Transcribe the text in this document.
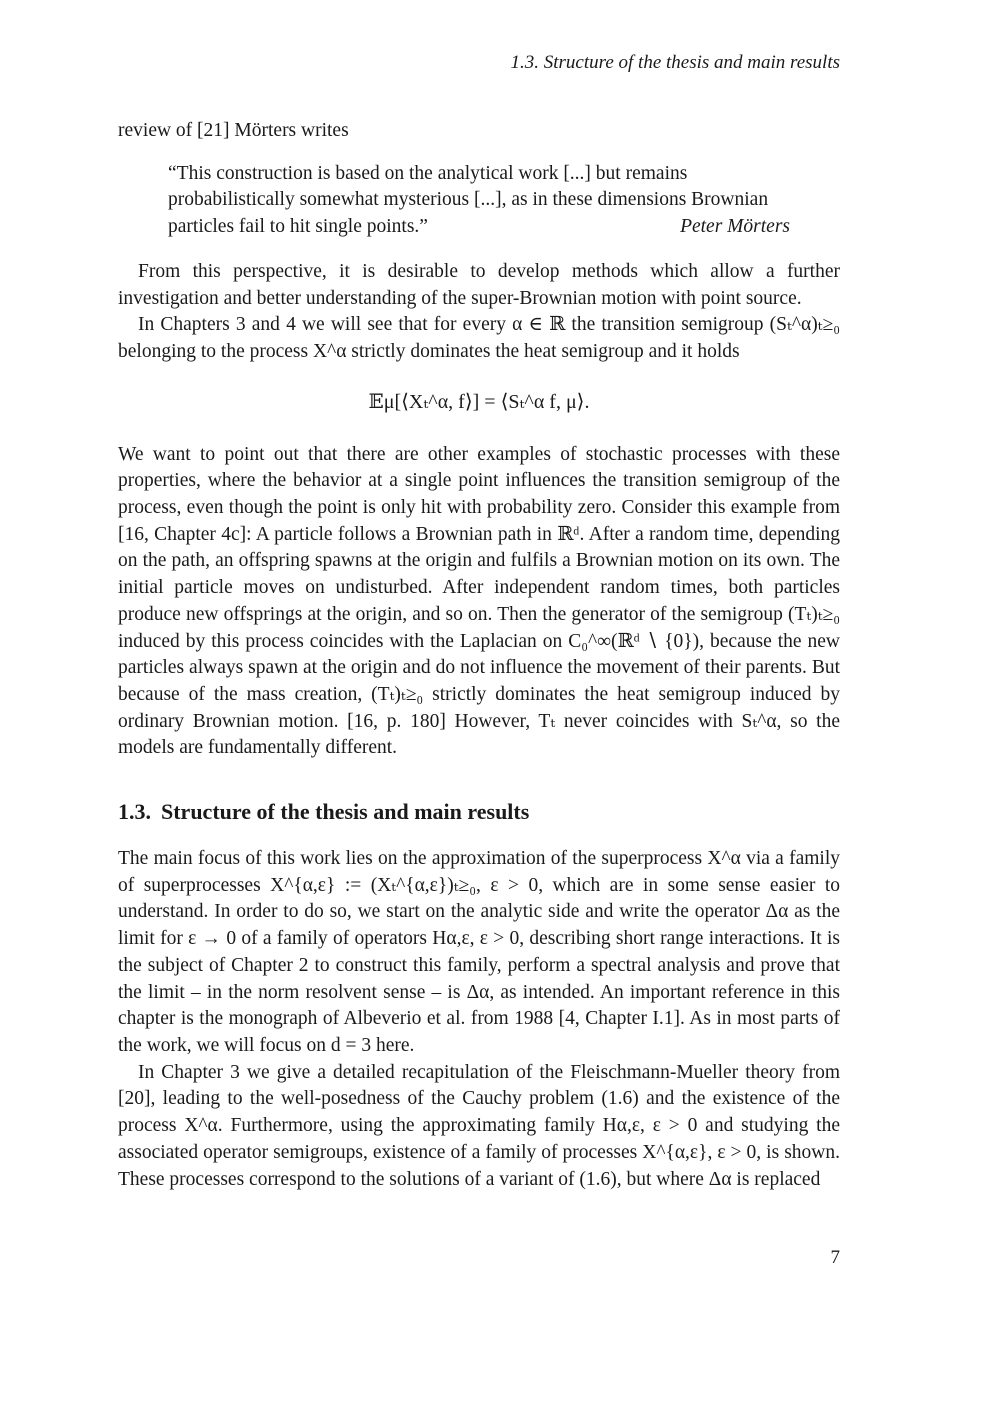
1.3. Structure of the thesis and main results

review of [21] Mörters writes

“This construction is based on the analytical work [...] but remains probabilistically somewhat mysterious [...], as in these dimensions Brownian particles fail to hit single points.”	Peter Mörters

From this perspective, it is desirable to develop methods which allow a further investigation and better understanding of the super-Brownian motion with point source.

In Chapters 3 and 4 we will see that for every α ∈ ℝ the transition semigroup (Sₜ^α)ₜ≥₀ belonging to the process X^α strictly dominates the heat semigroup and it holds

𝔼μ[⟨Xₜ^α, f⟩] = ⟨Sₜ^α f, μ⟩.

We want to point out that there are other examples of stochastic processes with these properties, where the behavior at a single point influences the transition semigroup of the process, even though the point is only hit with probability zero. Consider this example from [16, Chapter 4c]: A particle follows a Brownian path in ℝᵈ. After a random time, depending on the path, an offspring spawns at the origin and fulfils a Brownian motion on its own. The initial particle moves on undisturbed. After independent random times, both particles produce new offsprings at the origin, and so on. Then the generator of the semigroup (Tₜ)ₜ≥₀ induced by this process coincides with the Laplacian on C₀^∞(ℝᵈ ∖ {0}), because the new particles always spawn at the origin and do not influence the movement of their parents. But because of the mass creation, (Tₜ)ₜ≥₀ strictly dominates the heat semigroup induced by ordinary Brownian motion. [16, p. 180] However, Tₜ never coincides with Sₜ^α, so the models are fundamentally different.

1.3. Structure of the thesis and main results

The main focus of this work lies on the approximation of the superprocess X^α via a family of superprocesses X^{α,ε} := (Xₜ^{α,ε})ₜ≥₀, ε > 0, which are in some sense easier to understand. In order to do so, we start on the analytic side and write the operator Δα as the limit for ε → 0 of a family of operators Hα,ε, ε > 0, describing short range interactions. It is the subject of Chapter 2 to construct this family, perform a spectral analysis and prove that the limit – in the norm resolvent sense – is Δα, as intended. An important reference in this chapter is the monograph of Albeverio et al. from 1988 [4, Chapter I.1]. As in most parts of the work, we will focus on d = 3 here.

In Chapter 3 we give a detailed recapitulation of the Fleischmann-Mueller theory from [20], leading to the well-posedness of the Cauchy problem (1.6) and the existence of the process X^α. Furthermore, using the approximating family Hα,ε, ε > 0 and studying the associated operator semigroups, existence of a family of processes X^{α,ε}, ε > 0, is shown. These processes correspond to the solutions of a variant of (1.6), but where Δα is replaced

7
